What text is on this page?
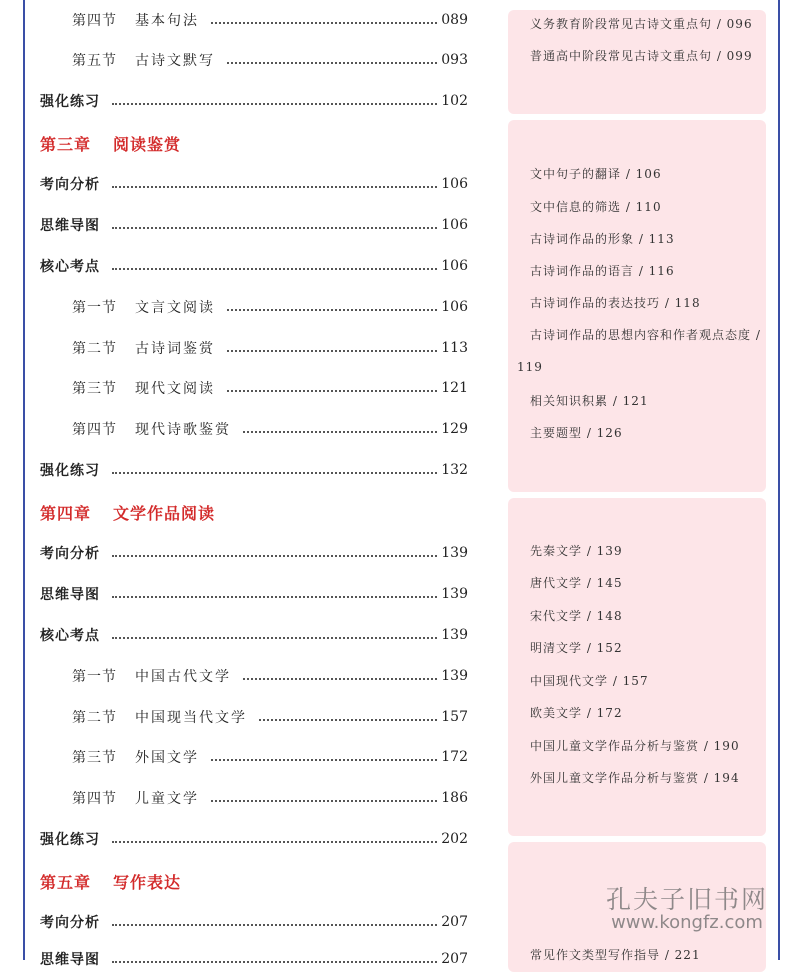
第四节 基本句法	089
第五节 古诗文默写	093
强化练习	102
第三章 阅读鉴赏
考向分析	106
思维导图	106
核心考点	106
第一节 文言文阅读	106
第二节 古诗词鉴赏	113
第三节 现代文阅读	121
第四节 现代诗歌鉴赏	129
强化练习	132
第四章 文学作品阅读
考向分析	139
思维导图	139
核心考点	139
第一节 中国古代文学	139
第二节 中国现当代文学	157
第三节 外国文学	172
第四节 儿童文学	186
强化练习	202
第五章 写作表达
考向分析	207
思维导图	207
义务教育阶段常见古诗文重点句 / 096
普通高中阶段常见古诗文重点句 / 099
文中句子的翻译 / 106
文中信息的筛选 / 110
古诗词作品的形象 / 113
古诗词作品的语言 / 116
古诗词作品的表达技巧 / 118
古诗词作品的思想内容和作者观点态度 / 119
相关知识积累 / 121
主要题型 / 126
先秦文学 / 139
唐代文学 / 145
宋代文学 / 148
明清文学 / 152
中国现代文学 / 157
欧美文学 / 172
中国儿童文学作品分析与鉴赏 / 190
外国儿童文学作品分析与鉴赏 / 194
常见作文类型写作指导 / 221
孔夫子旧书网
www.kongfz.com
